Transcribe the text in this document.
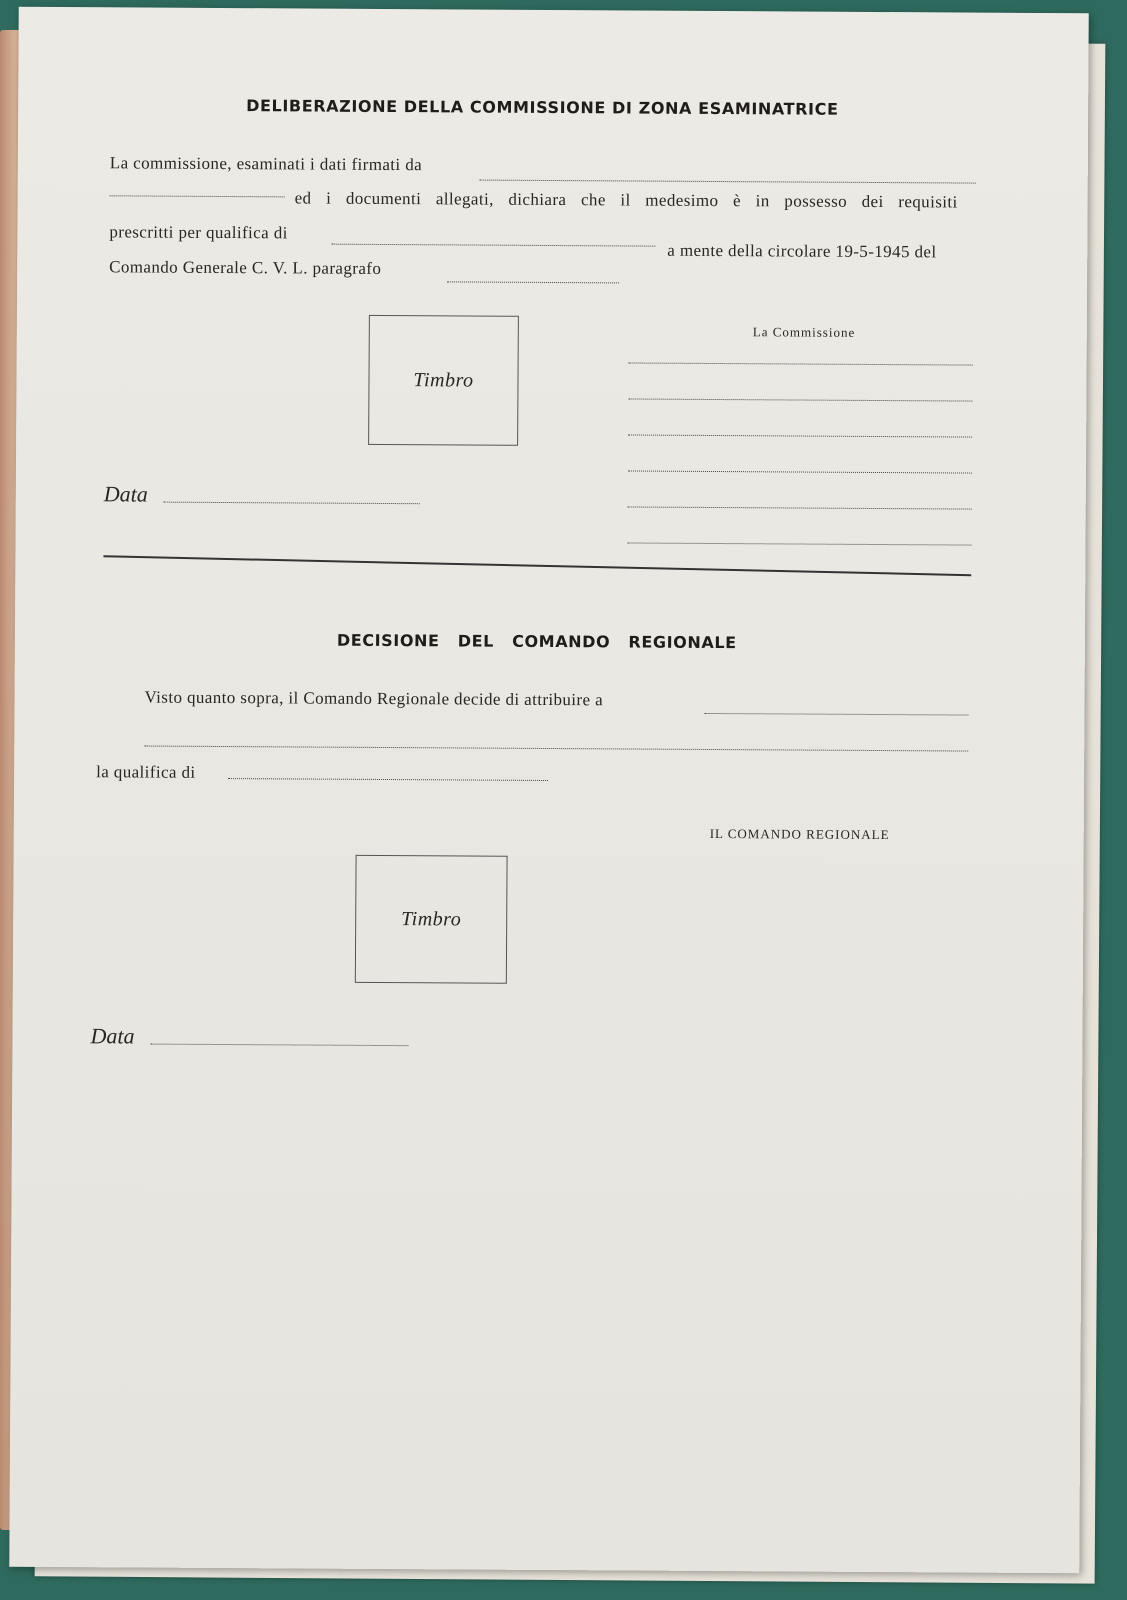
DELIBERAZIONE DELLA COMMISSIONE DI ZONA ESAMINATRICE
La commissione, esaminati i dati firmati da
ed i documenti allegati, dichiara che il medesimo è in possesso dei requisiti
prescritti per qualifica di
a mente della circolare 19-5-1945 del
Comando Generale C. V. L. paragrafo
Timbro
La Commissione
Data
DECISIONE DEL COMANDO REGIONALE
Visto quanto sopra, il Comando Regionale decide di attribuire a
la qualifica di
IL COMANDO REGIONALE
Timbro
Data
